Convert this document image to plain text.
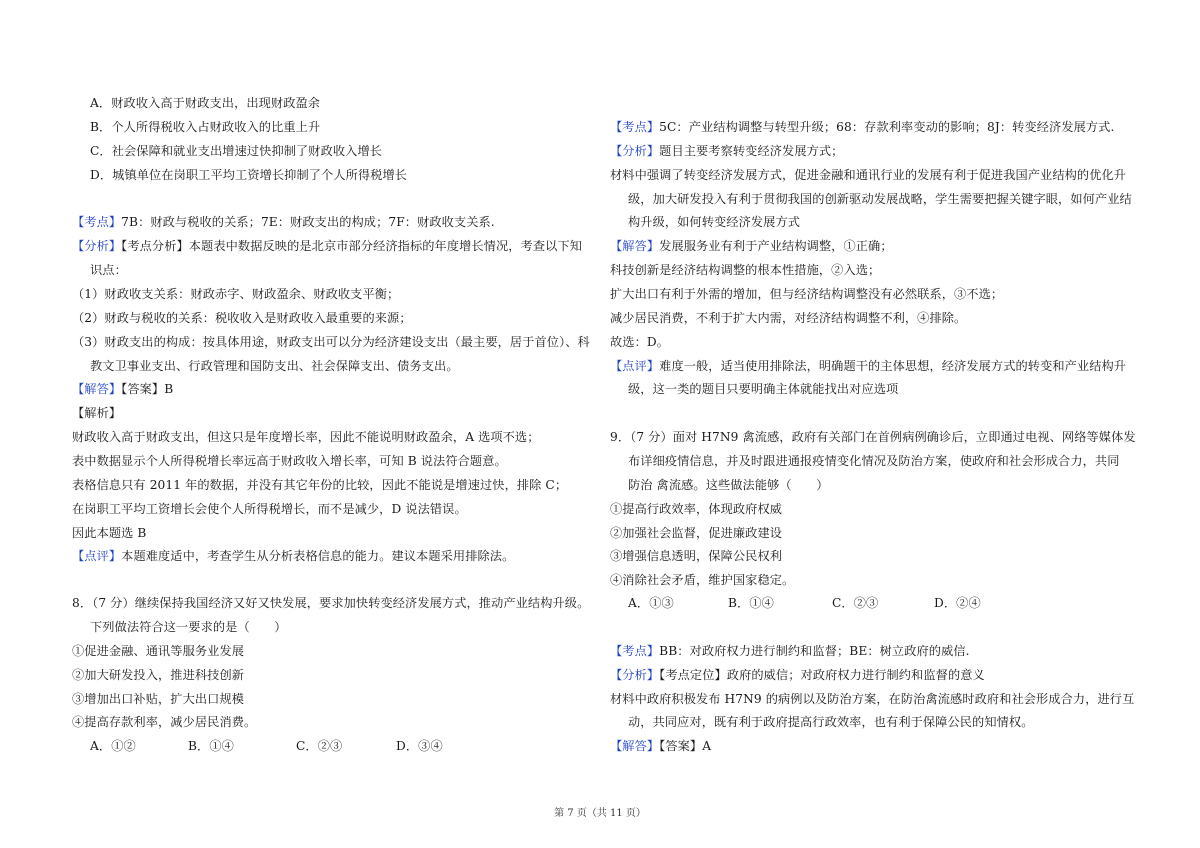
A．财政收入高于财政支出，出现财政盈余
B．个人所得税收入占财政收入的比重上升
C．社会保障和就业支出增速过快抑制了财政收入增长
D．城镇单位在岗职工平均工资增长抑制了个人所得税增长
【考点】7B：财政与税收的关系；7E：财政支出的构成；7F：财政收支关系.
【分析】【考点分析】本题表中数据反映的是北京市部分经济指标的年度增长情况，考查以下知
识点：
（1）财政收支关系：财政赤字、财政盈余、财政收支平衡；
（2）财政与税收的关系：税收收入是财政收入最重要的来源；
（3）财政支出的构成：按具体用途，财政支出可以分为经济建设支出（最主要，居于首位）、科
教文卫事业支出、行政管理和国防支出、社会保障支出、债务支出。
【解答】【答案】B
【解析】
财政收入高于财政支出，但这只是年度增长率，因此不能说明财政盈余，A 选项不选；
表中数据显示个人所得税增长率远高于财政收入增长率，可知 B 说法符合题意。
表格信息只有 2011 年的数据，并没有其它年份的比较，因此不能说是增速过快，排除 C；
在岗职工平均工资增长会使个人所得税增长，而不是减少，D 说法错误。
因此本题选 B
【点评】本题难度适中，考查学生从分析表格信息的能力。建议本题采用排除法。
8．（7 分）继续保持我国经济又好又快发展，要求加快转变经济发展方式，推动产业结构升级。
下列做法符合这一要求的是（　　）
①促进金融、通讯等服务业发展
②加大研发投入，推进科技创新
③增加出口补贴，扩大出口规模
④提高存款利率，减少居民消费。
A．①②	B．①④	C．②③	D．③④
【考点】5C：产业结构调整与转型升级；68：存款利率变动的影响；8J：转变经济发展方式.
【分析】题目主要考察转变经济发展方式；
材料中强调了转变经济发展方式，促进金融和通讯行业的发展有利于促进我国产业结构的优化升
级，加大研发投入有利于贯彻我国的创新驱动发展战略，学生需要把握关键字眼，如何产业结
构升级，如何转变经济发展方式
【解答】发展服务业有利于产业结构调整，①正确；
科技创新是经济结构调整的根本性措施，②入选；
扩大出口有利于外需的增加，但与经济结构调整没有必然联系，③不选；
减少居民消费，不利于扩大内需，对经济结构调整不利，④排除。
故选：D。
【点评】难度一般，适当使用排除法，明确题干的主体思想，经济发展方式的转变和产业结构升
级，这一类的题目只要明确主体就能找出对应选项
9．（7 分）面对 H7N9 禽流感，政府有关部门在首例病例确诊后，立即通过电视、网络等媒体发
布详细疫情信息，并及时跟进通报疫情变化情况及防治方案，使政府和社会形成合力，共同
防治 禽流感。这些做法能够（　　）
①提高行政效率，体现政府权威
②加强社会监督，促进廉政建设
③增强信息透明，保障公民权利
④消除社会矛盾，维护国家稳定。
A．①③	B．①④	C．②③	D．②④
【考点】BB：对政府权力进行制约和监督；BE：树立政府的威信.
【分析】【考点定位】政府的威信；对政府权力进行制约和监督的意义
材料中政府积极发布 H7N9 的病例以及防治方案，在防治禽流感时政府和社会形成合力，进行互
动，共同应对，既有利于政府提高行政效率，也有利于保障公民的知情权。
【解答】【答案】A
第 7 页（共 11 页）
